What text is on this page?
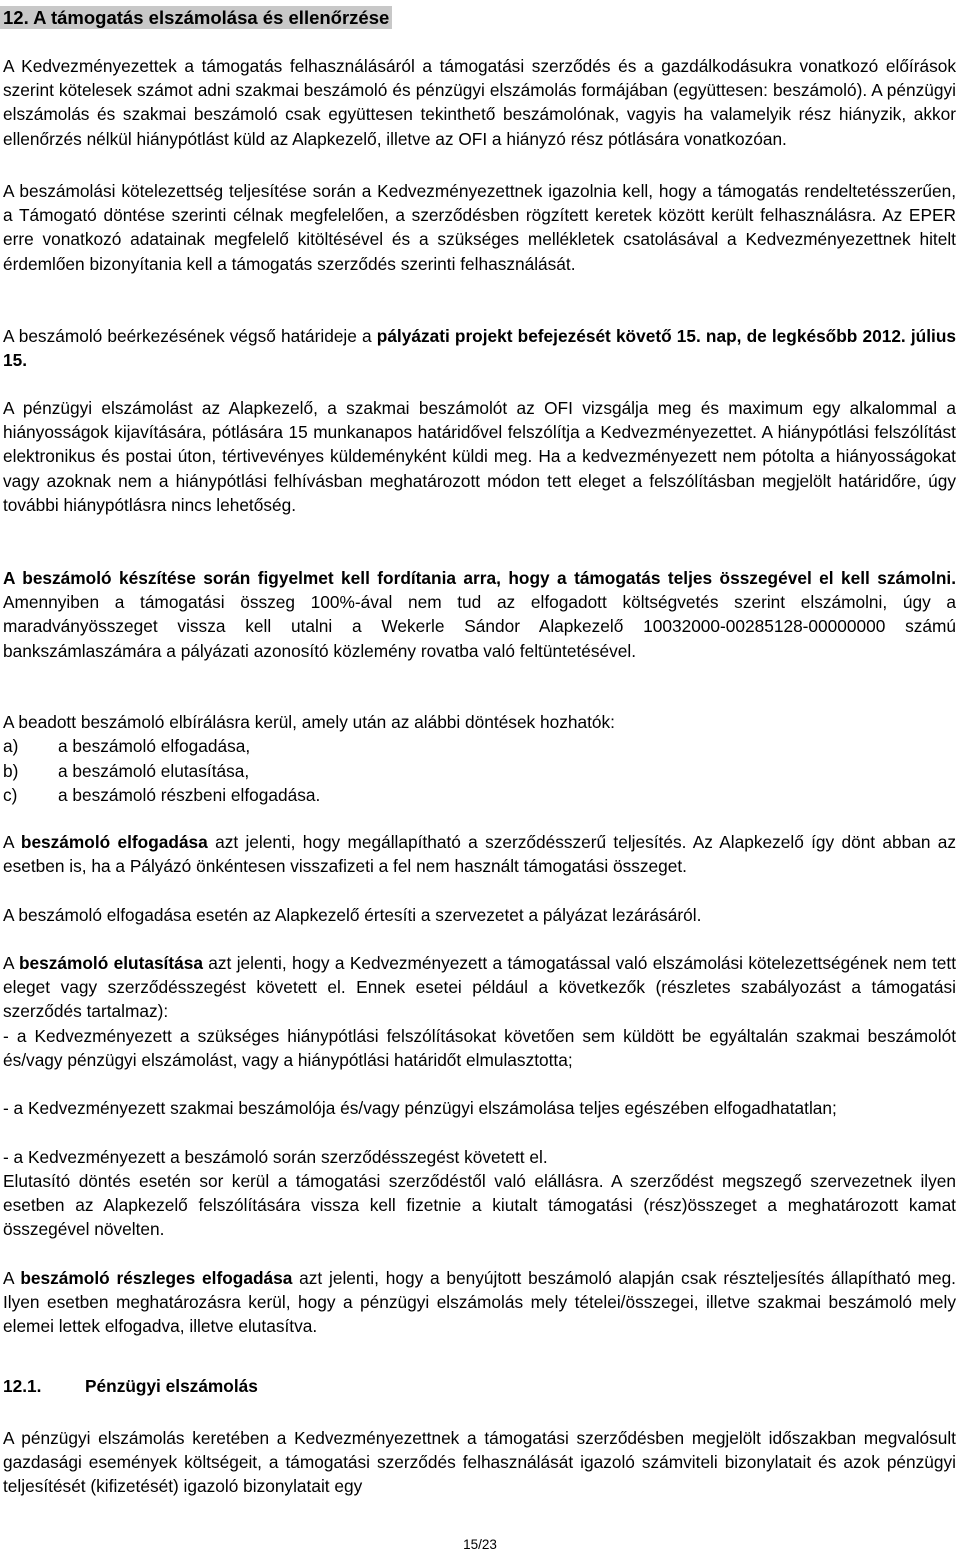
12. A támogatás elszámolása és ellenőrzése

A Kedvezményezettek a támogatás felhasználásáról a támogatási szerződés és a gazdálkodásukra vonatkozó előírások szerint kötelesek számot adni szakmai beszámoló és pénzügyi elszámolás formájában (együttesen: beszámoló). A pénzügyi elszámolás és szakmai beszámoló csak együttesen tekinthető beszámolónak, vagyis ha valamelyik rész hiányzik, akkor ellenőrzés nélkül hiánypótlást küld az Alapkezelő, illetve az OFI a hiányzó rész pótlására vonatkozóan.

A beszámolási kötelezettség teljesítése során a Kedvezményezettnek igazolnia kell, hogy a támogatás rendeltetésszerűen, a Támogató döntése szerinti célnak megfelelően, a szerződésben rögzített keretek között került felhasználásra. Az EPER erre vonatkozó adatainak megfelelő kitöltésével és a szükséges mellékletek csatolásával a Kedvezményezettnek hitelt érdemlően bizonyítania kell a támogatás szerződés szerinti felhasználását.

A beszámoló beérkezésének végső határideje a pályázati projekt befejezését követő 15. nap, de legkésőbb 2012. július 15.

A pénzügyi elszámolást az Alapkezelő, a szakmai beszámolót az OFI vizsgálja meg és maximum egy alkalommal a hiányosságok kijavítására, pótlására 15 munkanapos határidővel felszólítja a Kedvezményezettet. A hiánypótlási felszólítást elektronikus és postai úton, tértivevényes küldeményként küldi meg. Ha a kedvezményezett nem pótolta a hiányosságokat vagy azoknak nem a hiánypótlási felhívásban meghatározott módon tett eleget a felszólításban megjelölt határidőre, úgy további hiánypótlásra nincs lehetőség.

A beszámoló készítése során figyelmet kell fordítania arra, hogy a támogatás teljes összegével el kell számolni. Amennyiben a támogatási összeg 100%-ával nem tud az elfogadott költségvetés szerint elszámolni, úgy a maradványösszeget vissza kell utalni a Wekerle Sándor Alapkezelő 10032000-00285128-00000000 számú bankszámlaszámára a pályázati azonosító közlemény rovatba való feltüntetésével.

A beadott beszámoló elbírálásra kerül, amely után az alábbi döntések hozhatók:

a) a beszámoló elfogadása,
b) a beszámoló elutasítása,
c) a beszámoló részbeni elfogadása.

A beszámoló elfogadása azt jelenti, hogy megállapítható a szerződésszerű teljesítés. Az Alapkezelő így dönt abban az esetben is, ha a Pályázó önkéntesen visszafizeti a fel nem használt támogatási összeget.

A beszámoló elfogadása esetén az Alapkezelő értesíti a szervezetet a pályázat lezárásáról.

A beszámoló elutasítása azt jelenti, hogy a Kedvezményezett a támogatással való elszámolási kötelezettségének nem tett eleget vagy szerződésszegést követett el. Ennek esetei például a következők (részletes szabályozást a támogatási szerződés tartalmaz):

- a Kedvezményezett a szükséges hiánypótlási felszólításokat követően sem küldött be egyáltalán szakmai beszámolót és/vagy pénzügyi elszámolást, vagy a hiánypótlási határidőt elmulasztotta;

- a Kedvezményezett szakmai beszámolója és/vagy pénzügyi elszámolása teljes egészében elfogadhatatlan;

- a Kedvezményezett a beszámoló során szerződésszegést követett el.

Elutasító döntés esetén sor kerül a támogatási szerződéstől való elállásra. A szerződést megszegő szervezetnek ilyen esetben az Alapkezelő felszólítására vissza kell fizetnie a kiutalt támogatási (rész)összeget a meghatározott kamat összegével növelten.

A beszámoló részleges elfogadása azt jelenti, hogy a benyújtott beszámoló alapján csak részteljesítés állapítható meg. Ilyen esetben meghatározásra kerül, hogy a pénzügyi elszámolás mely tételei/összegei, illetve szakmai beszámoló mely elemei lettek elfogadva, illetve elutasítva.

12.1.	Pénzügyi elszámolás

A pénzügyi elszámolás keretében a Kedvezményezettnek a támogatási szerződésben megjelölt időszakban megvalósult gazdasági események költségeit, a támogatási szerződés felhasználását igazoló számviteli bizonylatait és azok pénzügyi teljesítését (kifizetését) igazoló bizonylatait egy

15/23
